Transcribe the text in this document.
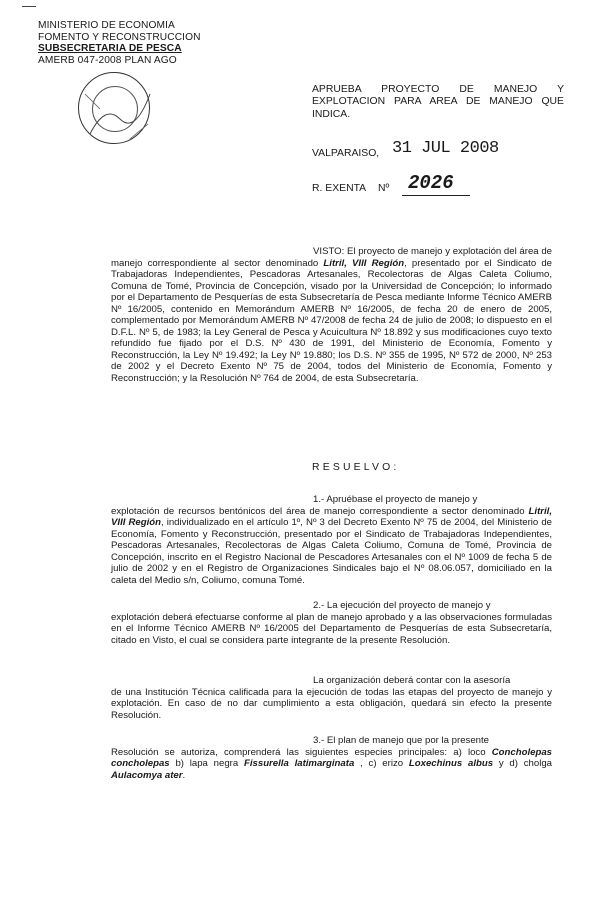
MINISTERIO DE ECONOMIA
FOMENTO Y RECONSTRUCCION
SUBSECRETARIA DE PESCA
AMERB 047-2008 PLAN AGO
APRUEBA PROYECTO DE MANEJO Y EXPLOTACION PARA AREA DE MANEJO QUE INDICA.
VALPARAISO, 31 JUL 2008
R. EXENTA Nº 2026
VISTO: El proyecto de manejo y explotación del área de manejo correspondiente al sector denominado Litril, VIII Región, presentado por el Sindicato de Trabajadoras Independientes, Pescadoras Artesanales, Recolectoras de Algas Caleta Coliumo, Comuna de Tomé, Provincia de Concepción, visado por la Universidad de Concepción; lo informado por el Departamento de Pesquerías de esta Subsecretaría de Pesca mediante Informe Técnico AMERB Nº 16/2005, contenido en Memorándum AMERB Nº 16/2005, de fecha 20 de enero de 2005, complementado por Memorándum AMERB Nº 47/2008 de fecha 24 de julio de 2008; lo dispuesto en el D.F.L. Nº 5, de 1983; la Ley General de Pesca y Acuicultura Nº 18.892 y sus modificaciones cuyo texto refundido fue fijado por el D.S. Nº 430 de 1991, del Ministerio de Economía, Fomento y Reconstrucción, la Ley Nº 19.492; la Ley Nº 19.880; los D.S. Nº 355 de 1995, Nº 572 de 2000, Nº 253 de 2002 y el Decreto Exento Nº 75 de 2004, todos del Ministerio de Economía, Fomento y Reconstrucción; y la Resolución Nº 764 de 2004, de esta Subsecretaría.
RESUELVO:
1.- Apruébase el proyecto de manejo y
explotación de recursos bentónicos del área de manejo correspondiente a sector denominado Litril, VIII Región, individualizado en el artículo 1º, Nº 3 del Decreto Exento Nº 75 de 2004, del Ministerio de Economía, Fomento y Reconstrucción, presentado por el Sindicato de Trabajadoras Independientes, Pescadoras Artesanales, Recolectoras de Algas Caleta Coliumo, Comuna de Tomé, Provincia de Concepción, inscrito en el Registro Nacional de Pescadores Artesanales con el Nº 1009 de fecha 5 de julio de 2002 y en el Registro de Organizaciones Sindicales bajo el Nº 08.06.057, domiciliado en la caleta del Medio s/n, Coliumo, comuna Tomé.
2.- La ejecución del proyecto de manejo y
explotación deberá efectuarse conforme al plan de manejo aprobado y a las observaciones formuladas en el Informe Técnico AMERB Nº 16/2005 del Departamento de Pesquerías de esta Subsecretaría, citado en Visto, el cual se considera parte integrante de la presente Resolución.
La organización deberá contar con la asesoría
de una Institución Técnica calificada para la ejecución de todas las etapas del proyecto de manejo y explotación. En caso de no dar cumplimiento a esta obligación, quedará sin efecto la presente Resolución.
3.- El plan de manejo que por la presente
Resolución se autoriza, comprenderá las siguientes especies principales: a) loco Concholepas concholepas b) lapa negra Fissurella latimarginata , c) erizo Loxechinus albus y d) cholga Aulacomya ater.
